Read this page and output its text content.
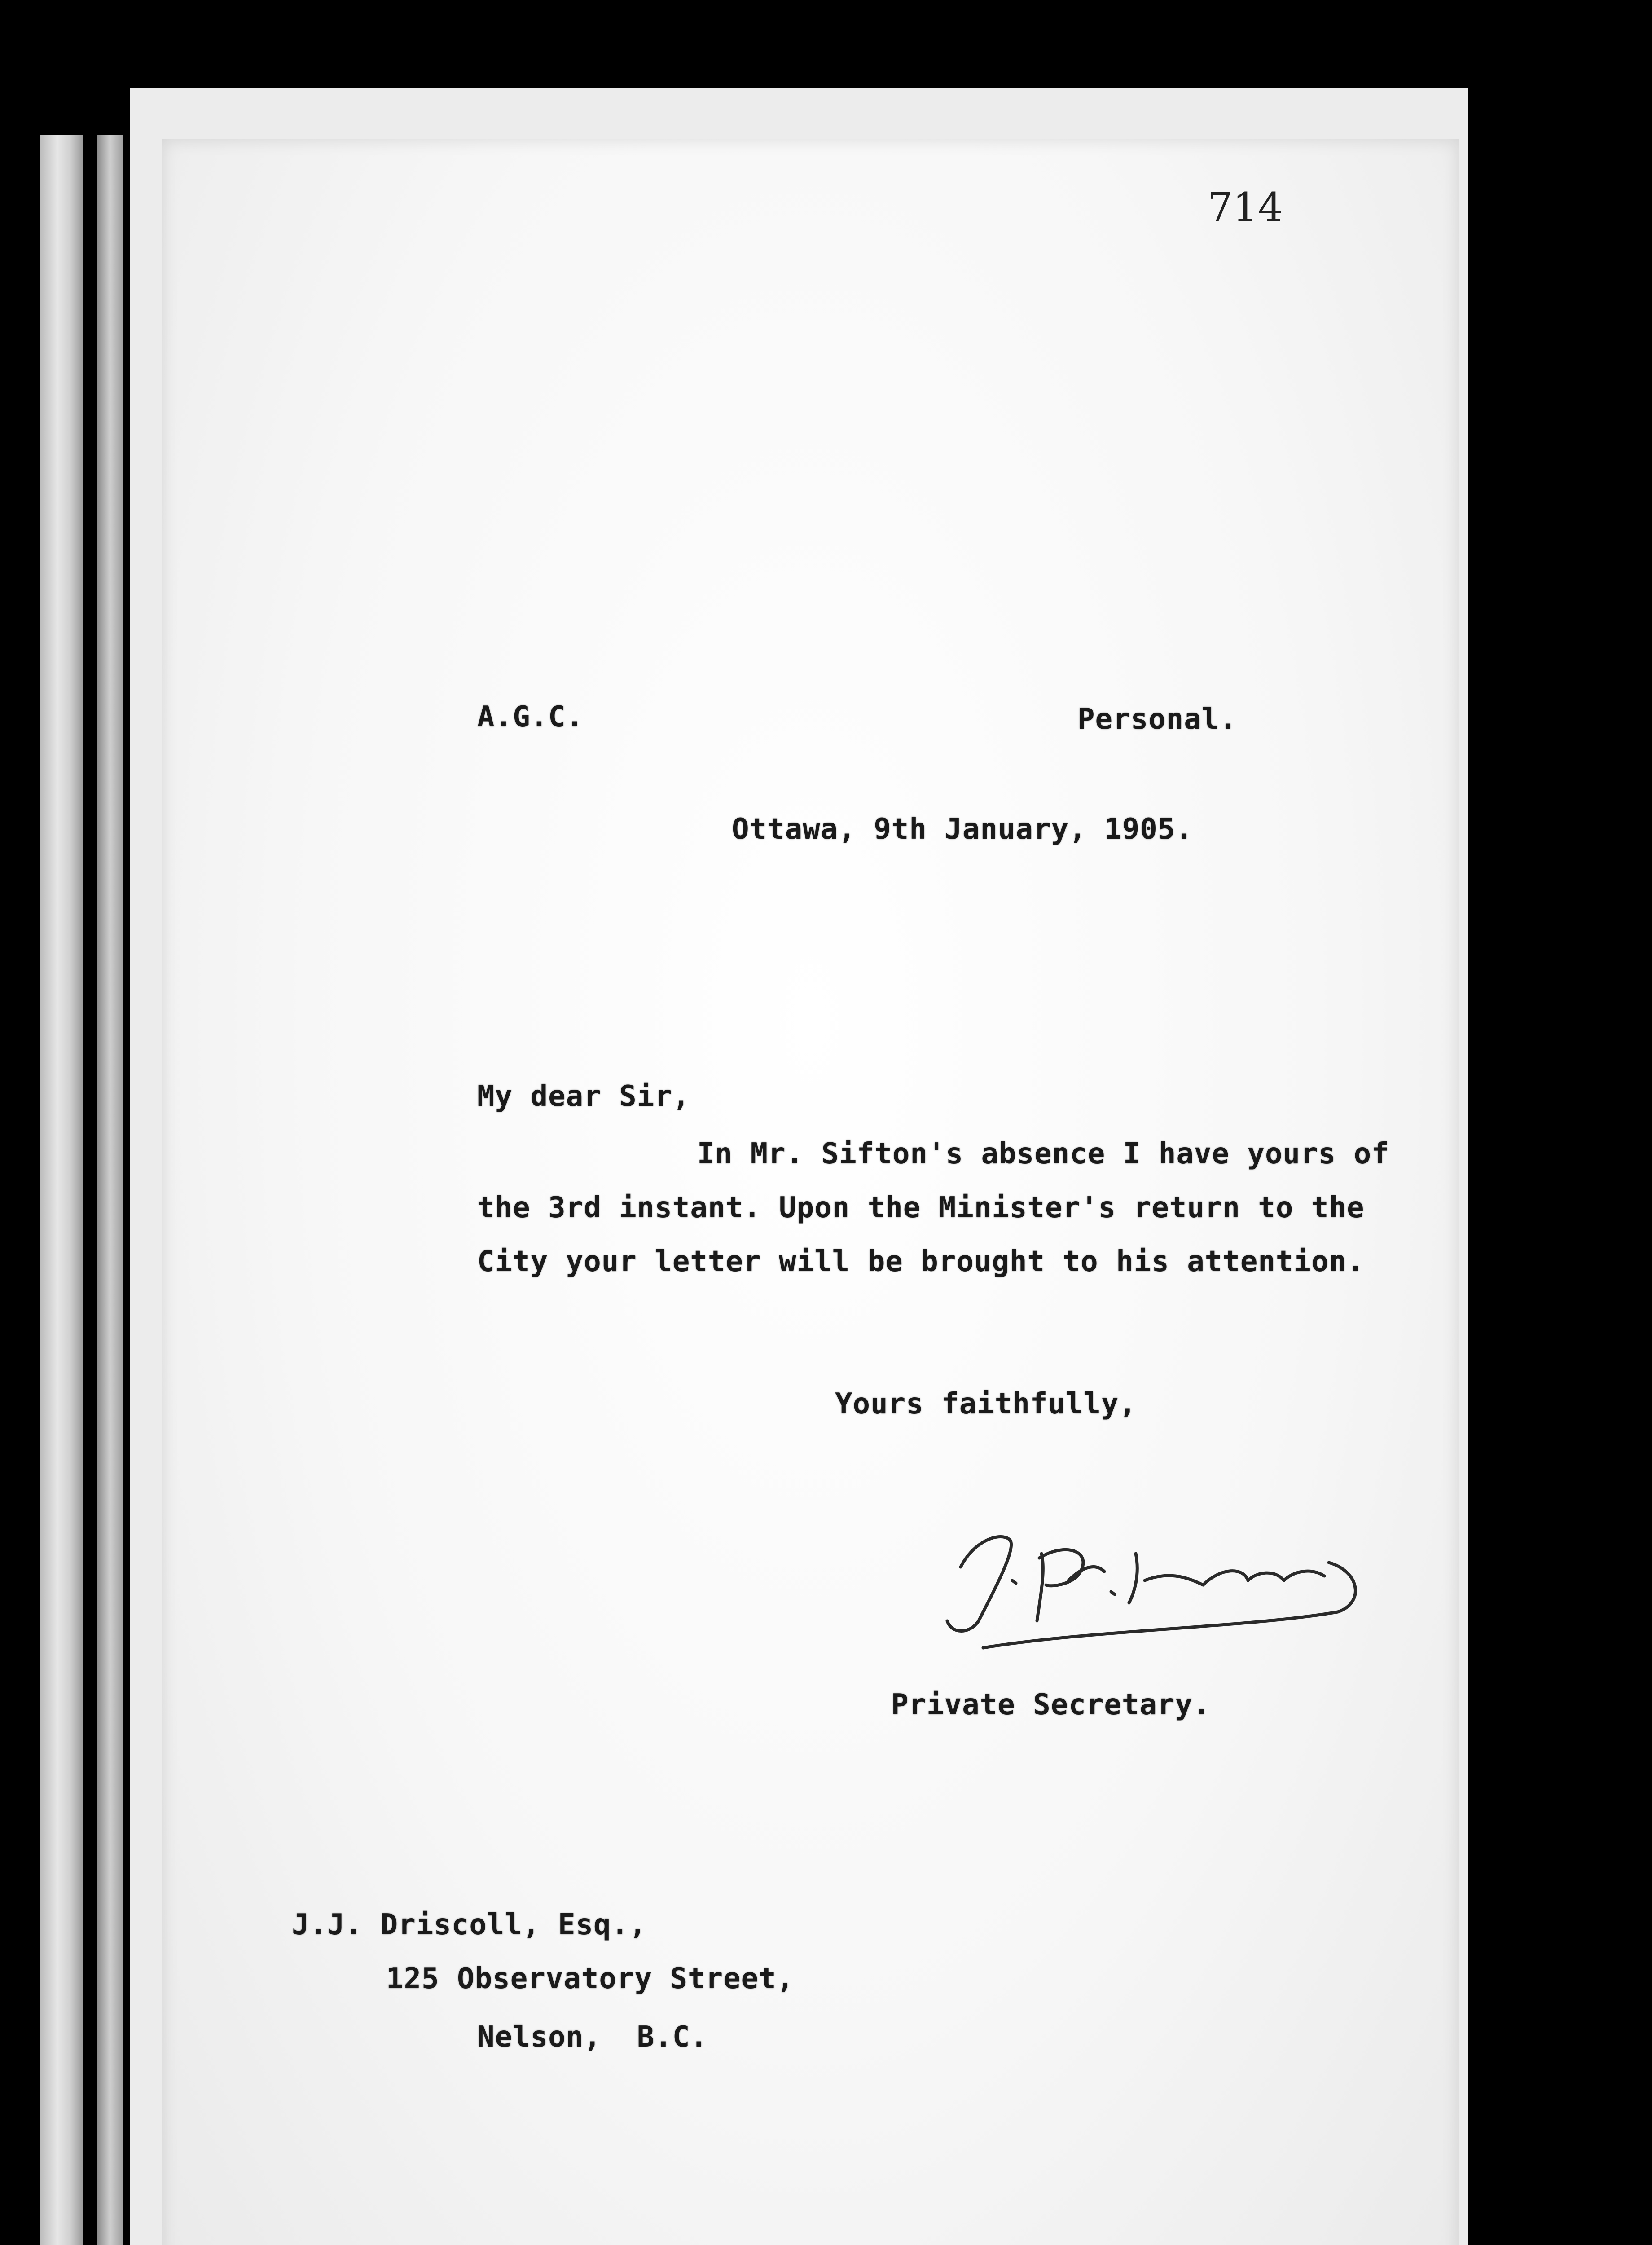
714
A.G.C.	Personal.
Ottawa, 9th January, 1905.
My dear Sir,
In Mr. Sifton's absence I have yours of the 3rd instant. Upon the Minister's return to the City your letter will be brought to his attention.
Yours faithfully,
Private Secretary.
J.J. Driscoll, Esq.,
125 Observatory Street,
Nelson,  B.C.
